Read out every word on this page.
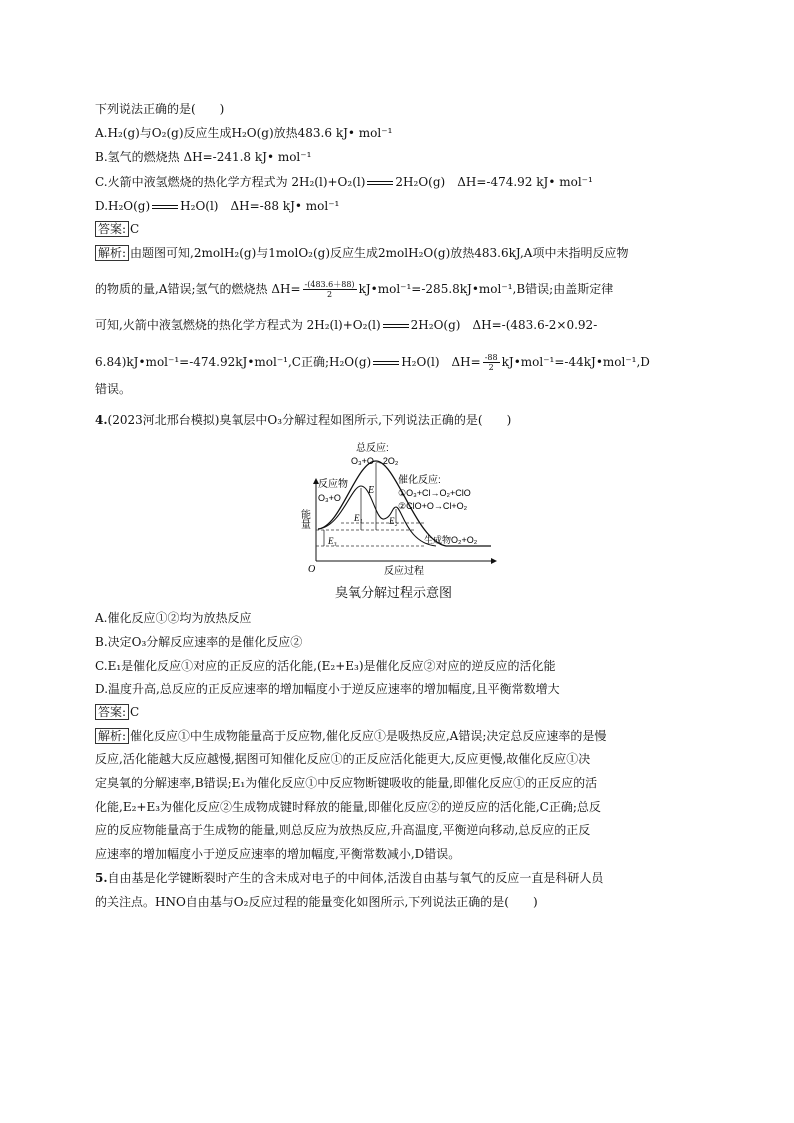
下列说法正确的是(　　)
A.H₂(g)与O₂(g)反应生成H₂O(g)放热483.6 kJ• mol⁻¹
B.氢气的燃烧热 ΔH=-241.8 kJ• mol⁻¹
C.火箭中液氢燃烧的热化学方程式为 2H₂(l)+O₂(l)	2H₂O(g)　ΔH=-474.92 kJ• mol⁻¹
D.H₂O(g)	H₂O(l)　ΔH=-88 kJ• mol⁻¹
答案: C
解析: 由题图可知,2molH₂(g)与1molO₂(g)反应生成2molH₂O(g)放热483.6kJ,A项中未指明反应物
的物质的量,A错误;氢气的燃烧热 $\Delta H= \frac{-(483.6+88)}{2}$ kJ•mol⁻¹=-285.8kJ•mol⁻¹,B错误;由盖斯定律
可知,火箭中液氢燃烧的热化学方程式为 2H₂(l)+O₂(l)	2H₂O(g)　ΔH=-(483.6-2×0.92-
6.84)kJ•mol⁻¹=-474.92kJ•mol⁻¹,C正确;H₂O(g)	H₂O(l)　$\Delta H= \frac{-88}{2}$ kJ•mol⁻¹=-44kJ•mol⁻¹,D
错误。
4.(2023河北邢台模拟)臭氧层中O₃分解过程如图所示,下列说法正确的是(　　)
总反应:
O₃+O→2O₂
反应物
O₃+O
催化反应:
①O₃+Cl→O₂+ClO
②ClO+O→Cl+O₂
E
E₁	E₂
E₃	生成物O₂+O₂
能量
反应过程
O
臭氧分解过程示意图
A.催化反应①②均为放热反应
B.决定O₃分解反应速率的是催化反应②
C.E₁是催化反应①对应的正反应的活化能,(E₂+E₃)是催化反应②对应的逆反应的活化能
D.温度升高,总反应的正反应速率的增加幅度小于逆反应速率的增加幅度,且平衡常数增大
答案: C
解析: 催化反应①中生成物能量高于反应物,催化反应①是吸热反应,A错误;决定总反应速率的是慢
反应,活化能越大反应越慢,据图可知催化反应①的正反应活化能更大,反应更慢,故催化反应①决
定臭氧的分解速率,B错误;E₁为催化反应①中反应物断键吸收的能量,即催化反应①的正反应的活
化能,E₂+E₃为催化反应②生成物成键时释放的能量,即催化反应②的逆反应的活化能,C正确;总反
应的反应物能量高于生成物的能量,则总反应为放热反应,升高温度,平衡逆向移动,总反应的正反
应速率的增加幅度小于逆反应速率的增加幅度,平衡常数减小,D错误。
5.自由基是化学键断裂时产生的含未成对电子的中间体,活泼自由基与氧气的反应一直是科研人员
的关注点。HNO自由基与O₂反应过程的能量变化如图所示,下列说法正确的是(　　)
